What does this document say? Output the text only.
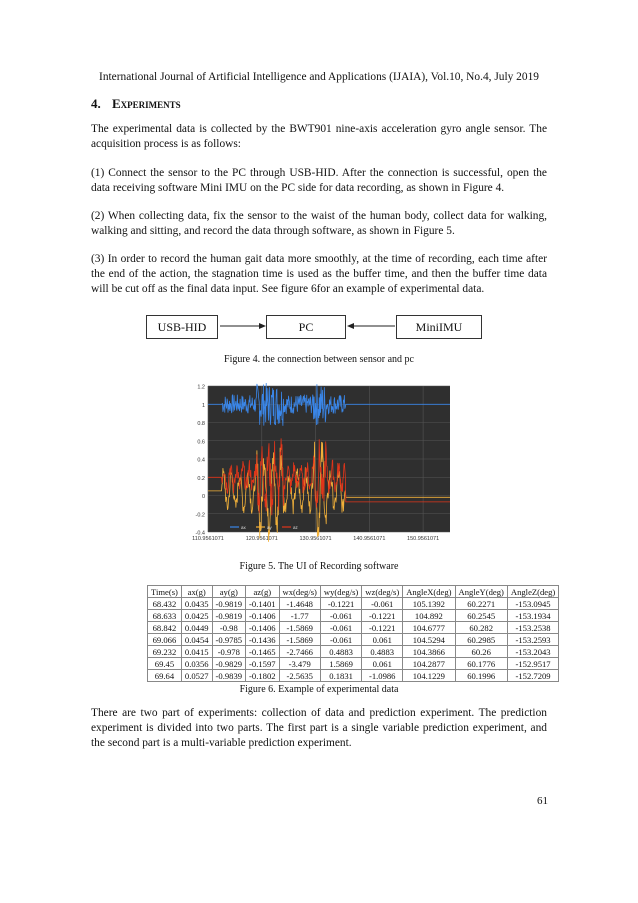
International Journal of Artificial Intelligence and Applications (IJAIA), Vol.10, No.4, July 2019
4. Experiments

The experimental data is collected by the BWT901 nine-axis acceleration gyro angle sensor. The acquisition process is as follows:

(1) Connect the sensor to the PC through USB-HID. After the connection is successful, open the data receiving software Mini IMU on the PC side for data recording, as shown in Figure 4.

(2) When collecting data, fix the sensor to the waist of the human body, collect data for walking, walking and sitting, and record the data through software, as shown in Figure 5.

(3) In order to record the human gait data more smoothly, at the time of recording, each time after the end of the action, the stagnation time is used as the buffer time, and then the buffer time data will be cut off as the final data input. See figure 6for an example of experimental data.

USB-HID	PC	MiniIMU
Figure 4. the connection between sensor and pc
1.2
1
0.8
0.6
0.4
0.2
0
-0.2
-0.4
110.9561071	120.9561071	130.9561071	140.9561071	150.9561071
ax	ay	az
Figure 5. The UI of Recording software
Time(s)	ax(g)	ay(g)	az(g)	wx(deg/s)	wy(deg/s)	wz(deg/s)	AngleX(deg)	AngleY(deg)	AngleZ(deg)
68.432	0.0435	-0.9819	-0.1401	-1.4648	-0.1221	-0.061	105.1392	60.2271	-153.0945
68.633	0.0425	-0.9819	-0.1406	-1.77	-0.061	-0.1221	104.892	60.2545	-153.1934
68.842	0.0449	-0.98	-0.1406	-1.5869	-0.061	-0.1221	104.6777	60.282	-153.2538
69.066	0.0454	-0.9785	-0.1436	-1.5869	-0.061	0.061	104.5294	60.2985	-153.2593
69.232	0.0415	-0.978	-0.1465	-2.7466	0.4883	0.4883	104.3866	60.26	-153.2043
69.45	0.0356	-0.9829	-0.1597	-3.479	1.5869	0.061	104.2877	60.1776	-152.9517
69.64	0.0527	-0.9839	-0.1802	-2.5635	0.1831	-1.0986	104.1229	60.1996	-152.7209
Figure 6. Example of experimental data

There are two part of experiments: collection of data and prediction experiment. The prediction experiment is divided into two parts. The first part is a single variable prediction experiment, and the second part is a multi-variable prediction experiment.

61
